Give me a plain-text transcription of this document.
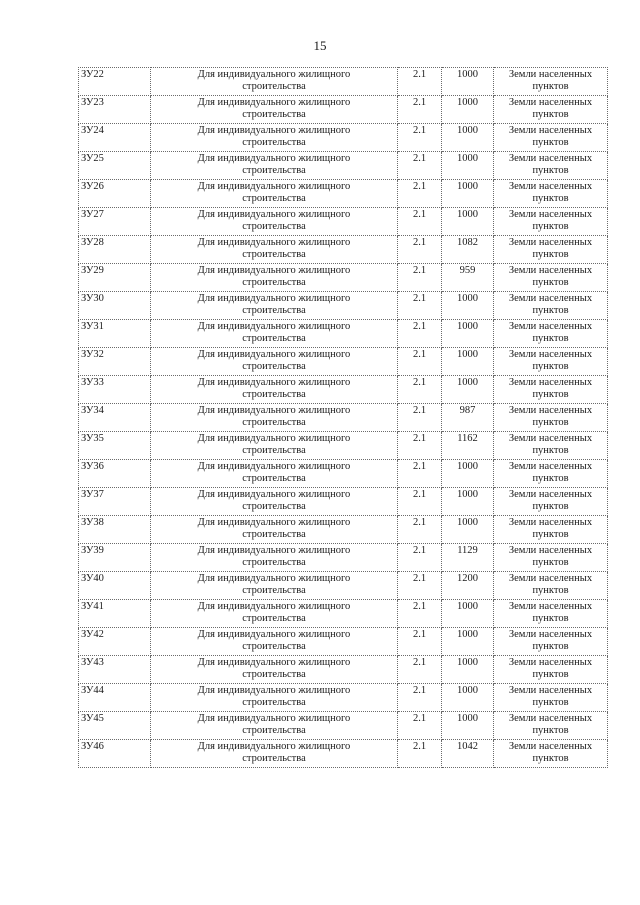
15
ЗУ22	Для индивидуального жилищного
строительства	2.1	1000	Земли населенных
пунктов

ЗУ23	Для индивидуального жилищного
строительства	2.1	1000	Земли населенных
пунктов

ЗУ24	Для индивидуального жилищного
строительства	2.1	1000	Земли населенных
пунктов

ЗУ25	Для индивидуального жилищного
строительства	2.1	1000	Земли населенных
пунктов

ЗУ26	Для индивидуального жилищного
строительства	2.1	1000	Земли населенных
пунктов

ЗУ27	Для индивидуального жилищного
строительства	2.1	1000	Земли населенных
пунктов

ЗУ28	Для индивидуального жилищного
строительства	2.1	1082	Земли населенных
пунктов

ЗУ29	Для индивидуального жилищного
строительства	2.1	959	Земли населенных
пунктов

ЗУ30	Для индивидуального жилищного
строительства	2.1	1000	Земли населенных
пунктов

ЗУ31	Для индивидуального жилищного
строительства	2.1	1000	Земли населенных
пунктов

ЗУ32	Для индивидуального жилищного
строительства	2.1	1000	Земли населенных
пунктов

ЗУ33	Для индивидуального жилищного
строительства	2.1	1000	Земли населенных
пунктов

ЗУ34	Для индивидуального жилищного
строительства	2.1	987	Земли населенных
пунктов

ЗУ35	Для индивидуального жилищного
строительства	2.1	1162	Земли населенных
пунктов

ЗУ36	Для индивидуального жилищного
строительства	2.1	1000	Земли населенных
пунктов

ЗУ37	Для индивидуального жилищного
строительства	2.1	1000	Земли населенных
пунктов

ЗУ38	Для индивидуального жилищного
строительства	2.1	1000	Земли населенных
пунктов

ЗУ39	Для индивидуального жилищного
строительства	2.1	1129	Земли населенных
пунктов

ЗУ40	Для индивидуального жилищного
строительства	2.1	1200	Земли населенных
пунктов

ЗУ41	Для индивидуального жилищного
строительства	2.1	1000	Земли населенных
пунктов

ЗУ42	Для индивидуального жилищного
строительства	2.1	1000	Земли населенных
пунктов

ЗУ43	Для индивидуального жилищного
строительства	2.1	1000	Земли населенных
пунктов

ЗУ44	Для индивидуального жилищного
строительства	2.1	1000	Земли населенных
пунктов

ЗУ45	Для индивидуального жилищного
строительства	2.1	1000	Земли населенных
пунктов

ЗУ46	Для индивидуального жилищного
строительства	2.1	1042	Земли населенных
пунктов
